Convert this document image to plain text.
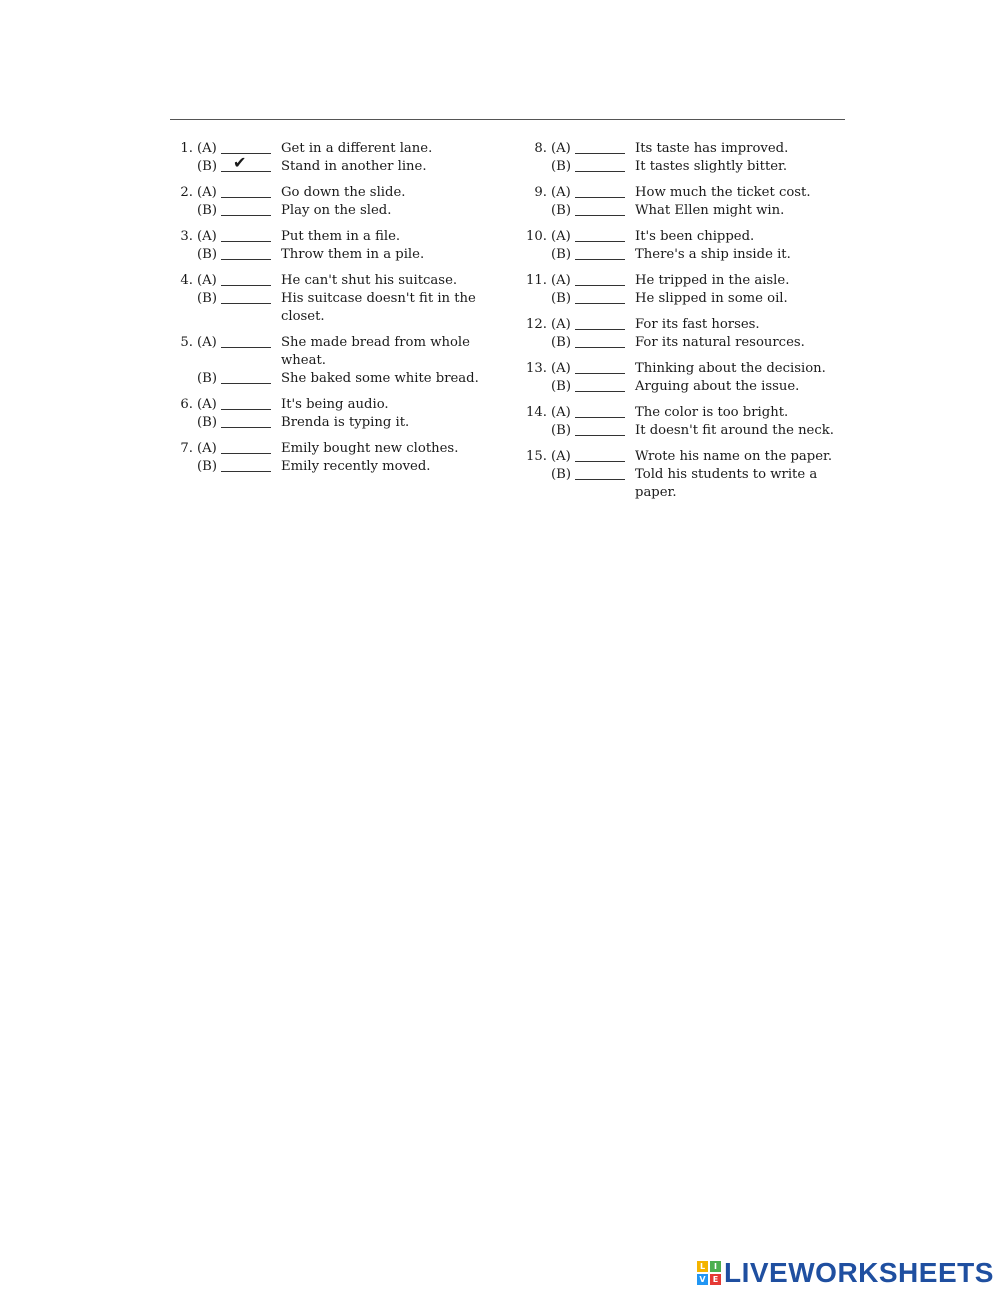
1. (A)	Get in a different lane.
(B) ✔	Stand in another line.
2. (A)	Go down the slide.
(B)	Play on the sled.
3. (A)	Put them in a file.
(B)	Throw them in a pile.
4. (A)	He can't shut his suitcase.
(B)	His suitcase doesn't fit in the closet.
5. (A)	She made bread from whole wheat.
(B)	She baked some white bread.
6. (A)	It's being audio.
(B)	Brenda is typing it.
7. (A)	Emily bought new clothes.
(B)	Emily recently moved.
8. (A)	Its taste has improved.
(B)	It tastes slightly bitter.
9. (A)	How much the ticket cost.
(B)	What Ellen might win.
10. (A)	It's been chipped.
(B)	There's a ship inside it.
11. (A)	He tripped in the aisle.
(B)	He slipped in some oil.
12. (A)	For its fast horses.
(B)	For its natural resources.
13. (A)	Thinking about the decision.
(B)	Arguing about the issue.
14. (A)	The color is too bright.
(B)	It doesn't fit around the neck.
15. (A)	Wrote his name on the paper.
(B)	Told his students to write a paper.
L	I
V E LIVEWORKSHEETS
